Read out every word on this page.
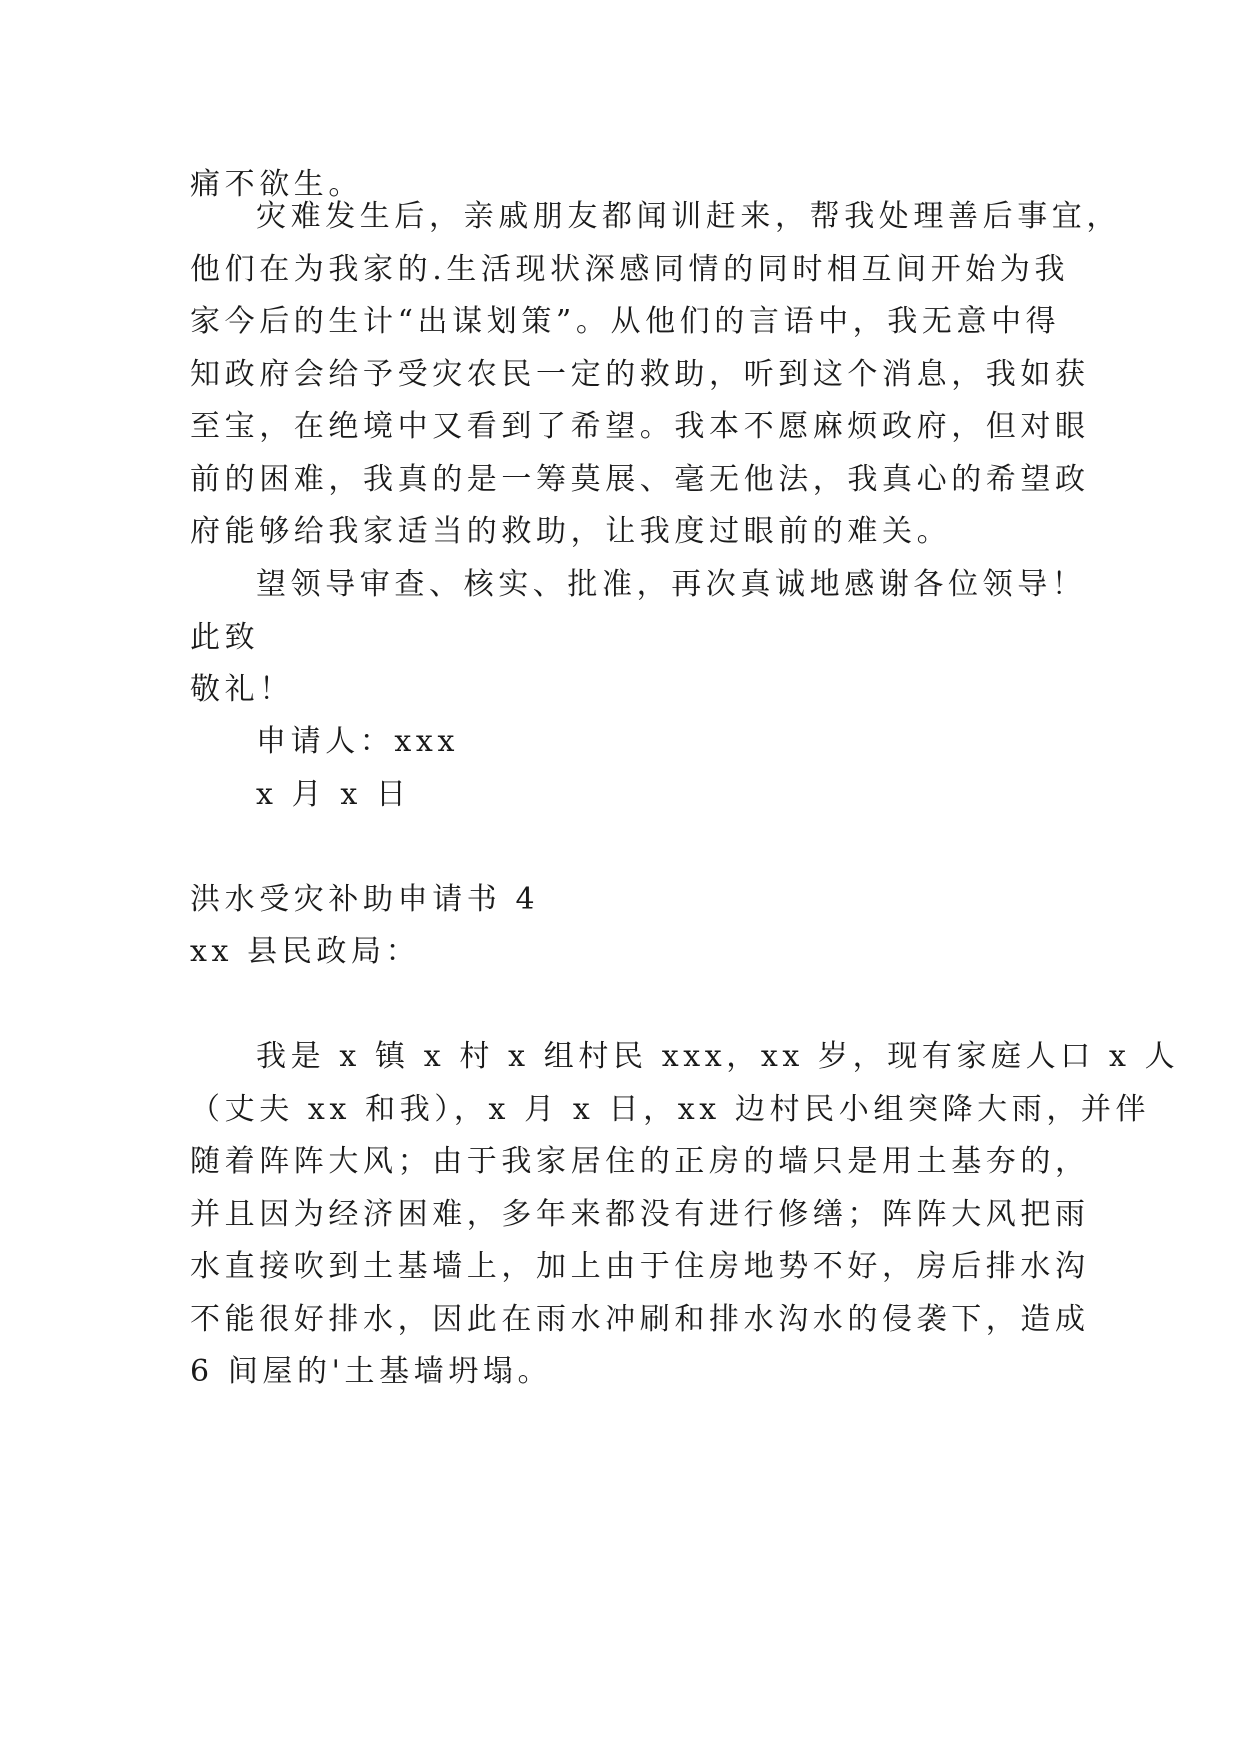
痛不欲生。
灾难发生后，亲戚朋友都闻训赶来，帮我处理善后事宜，
他们在为我家的.生活现状深感同情的同时相互间开始为我
家今后的生计“出谋划策”。从他们的言语中，我无意中得
知政府会给予受灾农民一定的救助，听到这个消息，我如获
至宝，在绝境中又看到了希望。我本不愿麻烦政府，但对眼
前的困难，我真的是一筹莫展、毫无他法，我真心的希望政
府能够给我家适当的救助，让我度过眼前的难关。
望领导审查、核实、批准，再次真诚地感谢各位领导！
此致
敬礼！
申请人：xxx
x 月 x 日
洪水受灾补助申请书 4
xx 县民政局：
我是 x 镇 x 村 x 组村民 xxx，xx 岁，现有家庭人口 x 人
（丈夫 xx 和我），x 月 x 日，xx 边村民小组突降大雨，并伴
随着阵阵大风；由于我家居住的正房的墙只是用土基夯的，
并且因为经济困难，多年来都没有进行修缮；阵阵大风把雨
水直接吹到土基墙上，加上由于住房地势不好，房后排水沟
不能很好排水，因此在雨水冲刷和排水沟水的侵袭下，造成
6 间屋的'土基墙坍塌。
